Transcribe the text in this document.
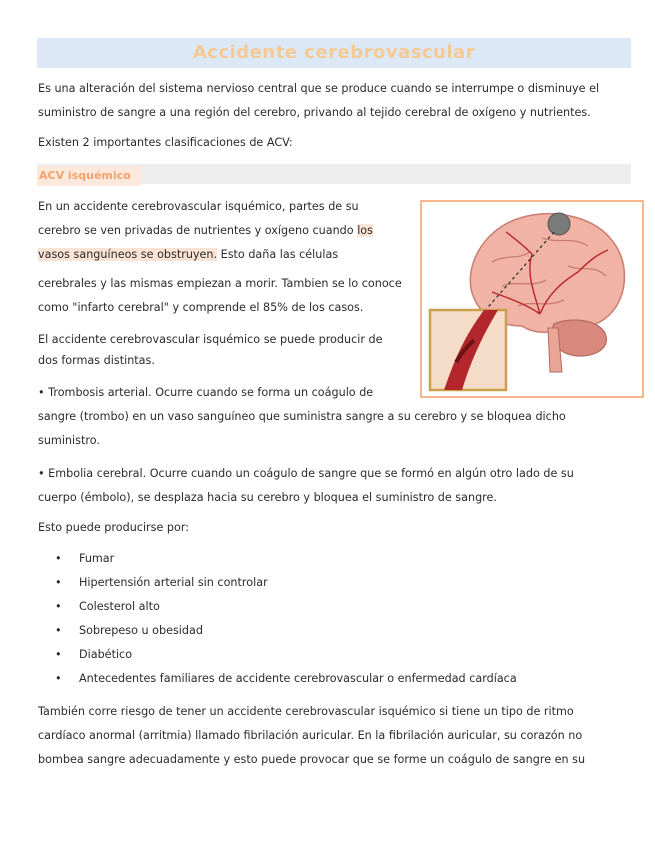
Accidente cerebrovascular

Es una alteración del sistema nervioso central que se produce cuando se interrumpe o disminuye el

suministro de sangre a una región del cerebro, privando al tejido cerebral de oxígeno y nutrientes.

Existen 2 importantes clasificaciones de ACV:

ACV isquémico

En un accidente cerebrovascular isquémico, partes de su

cerebro se ven privadas de nutrientes y oxígeno cuando los

vasos sanguíneos se obstruyen. Esto daña las células

cerebrales y las mismas empiezan a morir. Tambien se lo conoce

como "infarto cerebral" y comprende el 85% de los casos.

El accidente cerebrovascular isquémico se puede producir de

dos formas distintas.

• Trombosis arterial. Ocurre cuando se forma un coágulo de

sangre (trombo) en un vaso sanguíneo que suministra sangre a su cerebro y se bloquea dicho

suministro.

• Embolia cerebral. Ocurre cuando un coágulo de sangre que se formó en algún otro lado de su

cuerpo (émbolo), se desplaza hacia su cerebro y bloquea el suministro de sangre.

Esto puede producirse por:

• Fumar
• Hipertensión arterial sin controlar
• Colesterol alto
• Sobrepeso u obesidad
• Diabético
• Antecedentes familiares de accidente cerebrovascular o enfermedad cardíaca

También corre riesgo de tener un accidente cerebrovascular isquémico si tiene un tipo de ritmo

cardíaco anormal (arritmia) llamado fibrilación auricular. En la fibrilación auricular, su corazón no

bombea sangre adecuadamente y esto puede provocar que se forme un coágulo de sangre en su
